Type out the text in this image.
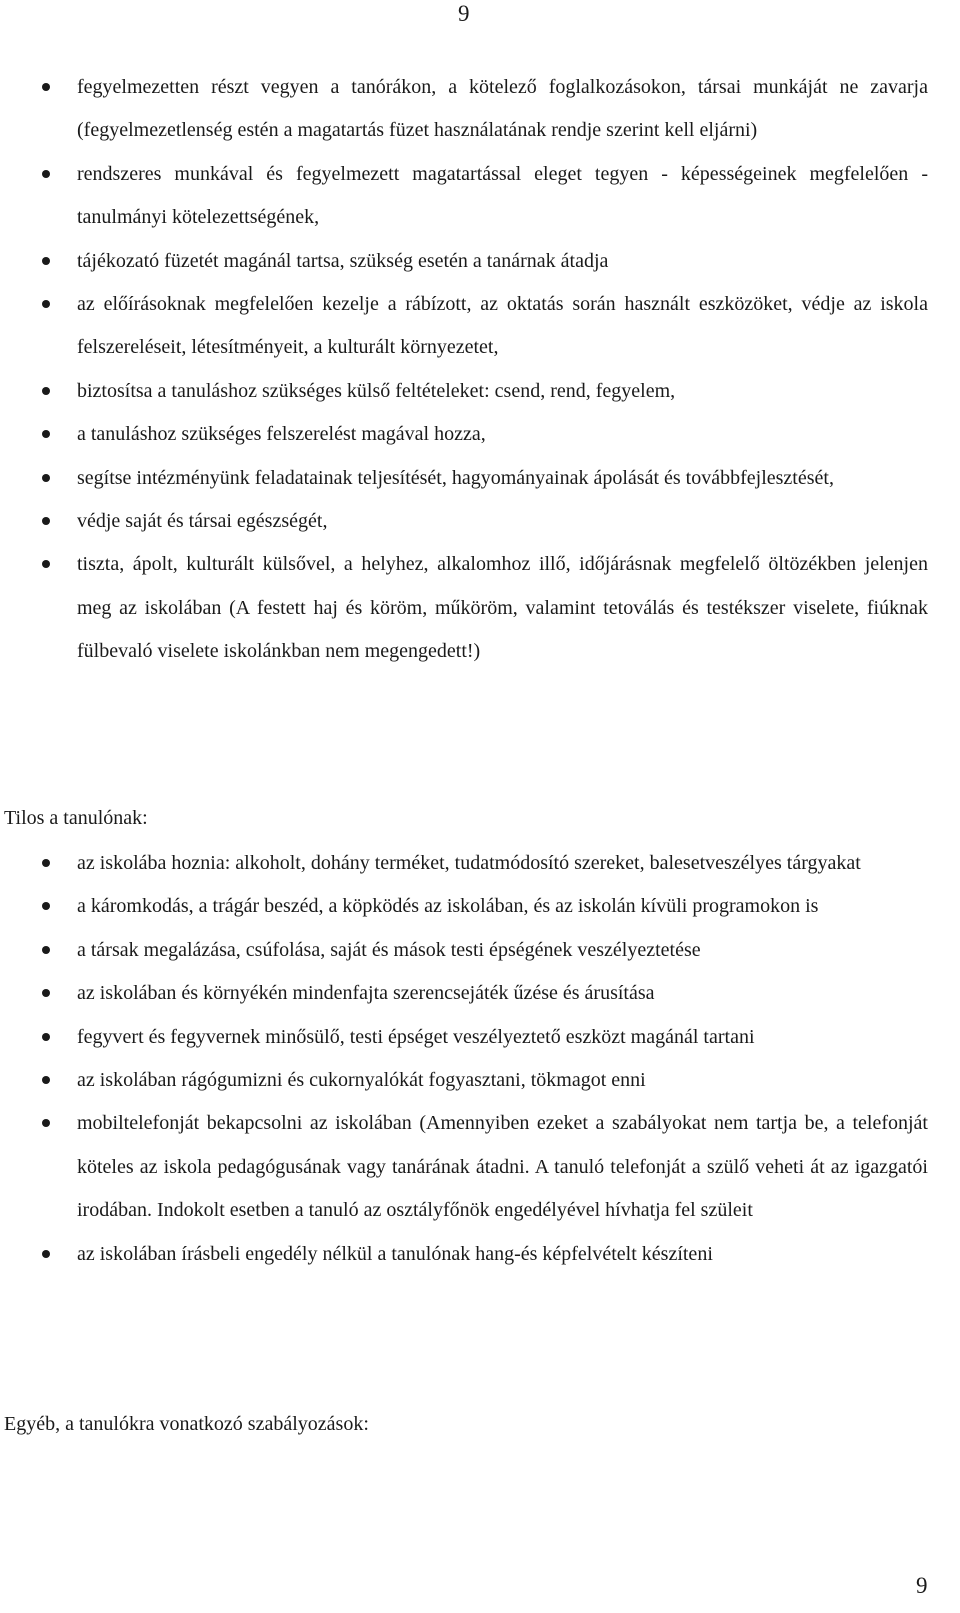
9
fegyelmezetten részt vegyen a tanórákon, a kötelező foglalkozásokon, társai munkáját ne zavarja (fegyelmezetlenség estén a magatartás füzet használatának rendje szerint kell eljárni)
rendszeres munkával és fegyelmezett magatartással eleget tegyen - képességeinek megfelelően - tanulmányi kötelezettségének,
tájékozató füzetét magánál tartsa, szükség esetén a tanárnak átadja
az előírásoknak megfelelően kezelje a rábízott, az oktatás során használt eszközöket, védje az iskola felszereléseit, létesítményeit, a kulturált környezetet,
biztosítsa a tanuláshoz szükséges külső feltételeket: csend, rend, fegyelem,
a tanuláshoz szükséges felszerelést magával hozza,
segítse intézményünk feladatainak teljesítését, hagyományainak ápolását és továbbfejlesztését,
védje saját és társai egészségét,
tiszta, ápolt, kulturált külsővel, a helyhez, alkalomhoz illő, időjárásnak megfelelő öltözékben jelenjen meg az iskolában (A festett haj és köröm, műköröm, valamint tetoválás és testékszer viselete, fiúknak fülbevaló viselete iskolánkban nem megengedett!)
Tilos a tanulónak:
az iskolába hoznia: alkoholt, dohány terméket, tudatmódosító szereket, balesetveszélyes tárgyakat
a káromkodás, a trágár beszéd, a köpködés az iskolában, és az iskolán kívüli programokon is
a társak megalázása, csúfolása, saját és mások testi épségének veszélyeztetése
az iskolában és környékén mindenfajta szerencsejáték űzése és árusítása
fegyvert és fegyvernek minősülő, testi épséget veszélyeztető eszközt magánál tartani
az iskolában rágógumizni és cukornyalókát fogyasztani, tökmagot enni
mobiltelefonját bekapcsolni az iskolában (Amennyiben ezeket a szabályokat nem tartja be, a telefonját köteles az iskola pedagógusának vagy tanárának átadni. A tanuló telefonját a szülő veheti át az igazgatói irodában. Indokolt esetben a tanuló az osztályfőnök engedélyével hívhatja fel szüleit
az iskolában írásbeli engedély nélkül a tanulónak hang-és képfelvételt készíteni
Egyéb, a tanulókra vonatkozó szabályozások:
9
